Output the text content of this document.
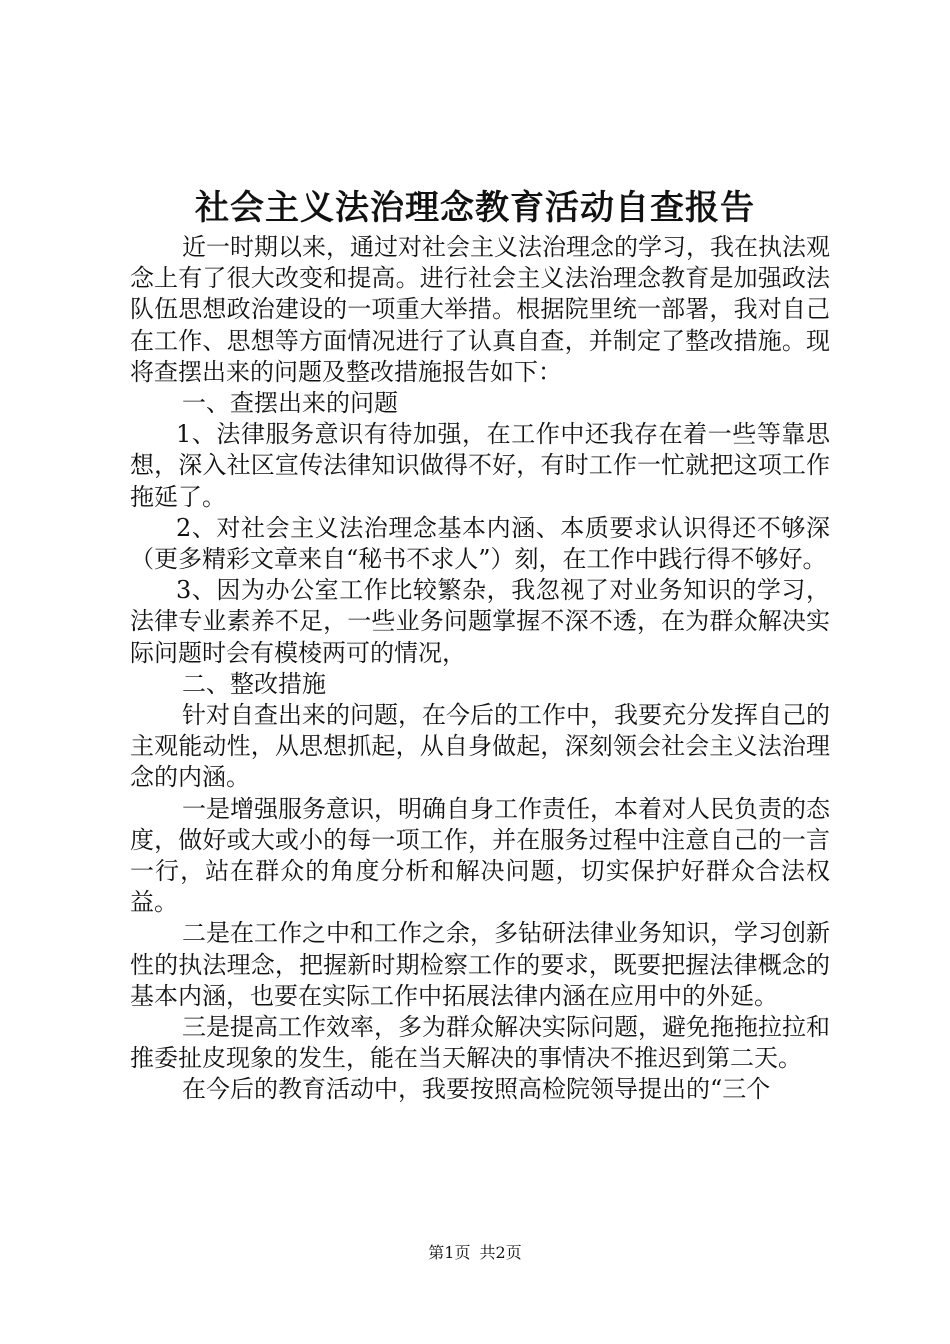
社会主义法治理念教育活动自查报告

近一时期以来，通过对社会主义法治理念的学习，我在执法观念上有了很大改变和提高。进行社会主义法治理念教育是加强政法队伍思想政治建设的一项重大举措。根据院里统一部署，我对自己在工作、思想等方面情况进行了认真自查，并制定了整改措施。现将查摆出来的问题及整改措施报告如下：

一、查摆出来的问题

1、法律服务意识有待加强，在工作中还我存在着一些等靠思想，深入社区宣传法律知识做得不好，有时工作一忙就把这项工作拖延了。

2、对社会主义法治理念基本内涵、本质要求认识得还不够深（更多精彩文章来自“秘书不求人”）刻，在工作中践行得不够好。

3、因为办公室工作比较繁杂，我忽视了对业务知识的学习，法律专业素养不足，一些业务问题掌握不深不透，在为群众解决实际问题时会有模棱两可的情况，

二、整改措施

针对自查出来的问题，在今后的工作中，我要充分发挥自己的主观能动性，从思想抓起，从自身做起，深刻领会社会主义法治理念的内涵。

一是增强服务意识，明确自身工作责任，本着对人民负责的态度，做好或大或小的每一项工作，并在服务过程中注意自己的一言一行，站在群众的角度分析和解决问题，切实保护好群众合法权益。

二是在工作之中和工作之余，多钻研法律业务知识，学习创新性的执法理念，把握新时期检察工作的要求，既要把握法律概念的基本内涵，也要在实际工作中拓展法律内涵在应用中的外延。

三是提高工作效率，多为群众解决实际问题，避免拖拖拉拉和推委扯皮现象的发生，能在当天解决的事情决不推迟到第二天。

在今后的教育活动中，我要按照高检院领导提出的“三个

第1页 共2页
